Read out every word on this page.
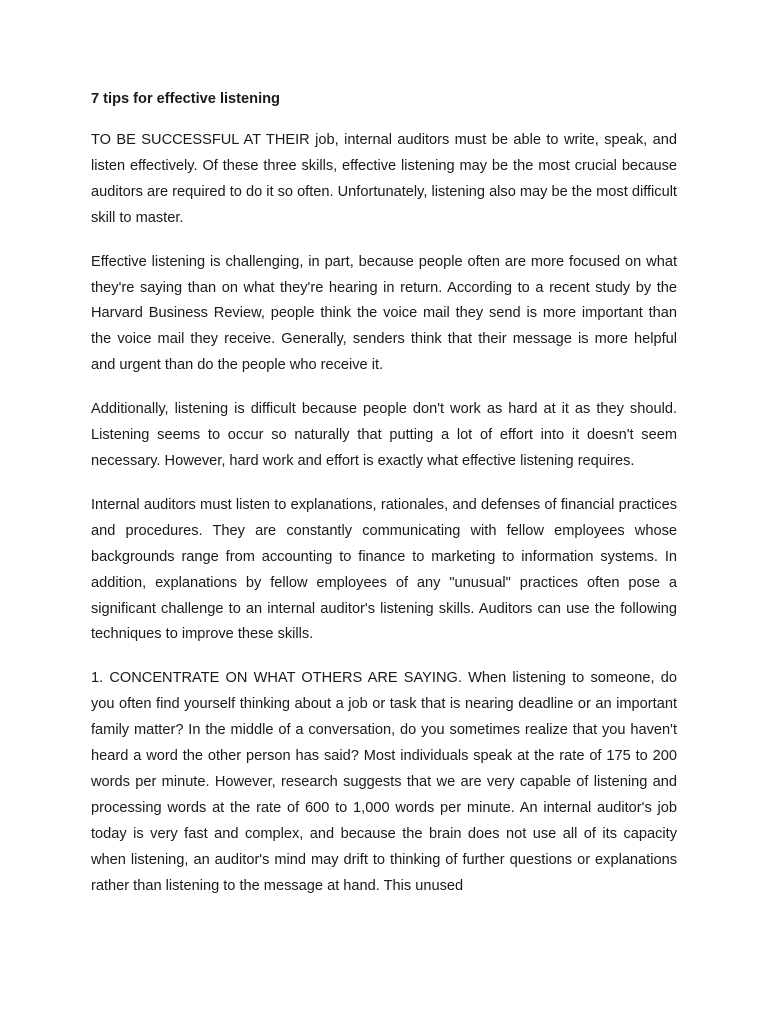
7 tips for effective listening

TO BE SUCCESSFUL AT THEIR job, internal auditors must be able to write, speak, and listen effectively. Of these three skills, effective listening may be the most crucial because auditors are required to do it so often. Unfortunately, listening also may be the most difficult skill to master.

Effective listening is challenging, in part, because people often are more focused on what they're saying than on what they're hearing in return. According to a recent study by the Harvard Business Review, people think the voice mail they send is more important than the voice mail they receive. Generally, senders think that their message is more helpful and urgent than do the people who receive it.

Additionally, listening is difficult because people don't work as hard at it as they should. Listening seems to occur so naturally that putting a lot of effort into it doesn't seem necessary. However, hard work and effort is exactly what effective listening requires.

Internal auditors must listen to explanations, rationales, and defenses of financial practices and procedures. They are constantly communicating with fellow employees whose backgrounds range from accounting to finance to marketing to information systems. In addition, explanations by fellow employees of any "unusual" practices often pose a significant challenge to an internal auditor's listening skills. Auditors can use the following techniques to improve these skills.

1. CONCENTRATE ON WHAT OTHERS ARE SAYING. When listening to someone, do you often find yourself thinking about a job or task that is nearing deadline or an important family matter? In the middle of a conversation, do you sometimes realize that you haven't heard a word the other person has said? Most individuals speak at the rate of 175 to 200 words per minute. However, research suggests that we are very capable of listening and processing words at the rate of 600 to 1,000 words per minute. An internal auditor's job today is very fast and complex, and because the brain does not use all of its capacity when listening, an auditor's mind may drift to thinking of further questions or explanations rather than listening to the message at hand. This unused
